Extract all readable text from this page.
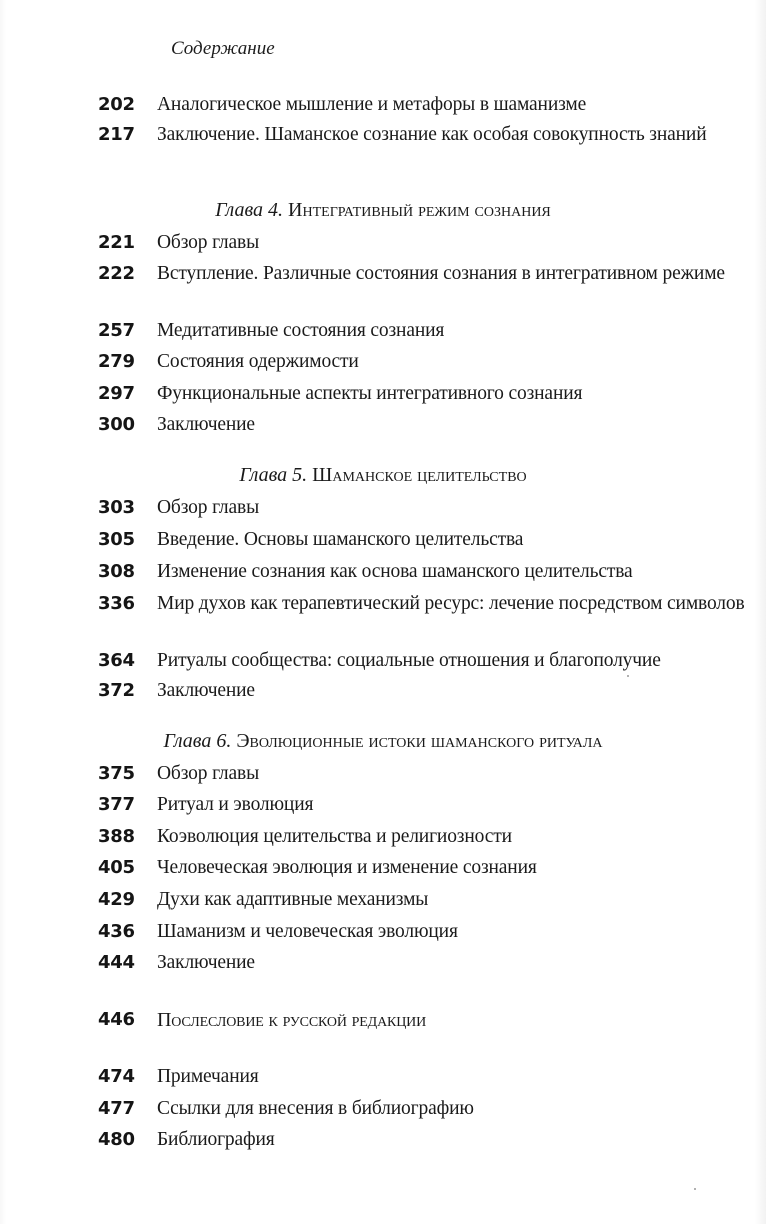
Содержание
202 Аналогическое мышление и метафоры в шаманизме
217 Заключение. Шаманское сознание как особая совокупность знаний
Глава 4. Интегративный режим сознания
221 Обзор главы
222 Вступление. Различные состояния сознания в интегративном режиме
257 Медитативные состояния сознания
279 Состояния одержимости
297 Функциональные аспекты интегративного сознания
300 Заключение
Глава 5. Шаманское целительство
303 Обзор главы
305 Введение. Основы шаманского целительства
308 Изменение сознания как основа шаманского целительства
336 Мир духов как терапевтический ресурс: лечение посредством символов
364 Ритуалы сообщества: социальные отношения и благополучие
372 Заключение
Глава 6. Эволюционные истоки шаманского ритуала
375 Обзор главы
377 Ритуал и эволюция
388 Коэволюция целительства и религиозности
405 Человеческая эволюция и изменение сознания
429 Духи как адаптивные механизмы
436 Шаманизм и человеческая эволюция
444 Заключение
446 Послесловие к русской редакции
474 Примечания
477 Ссылки для внесения в библиографию
480 Библиография
